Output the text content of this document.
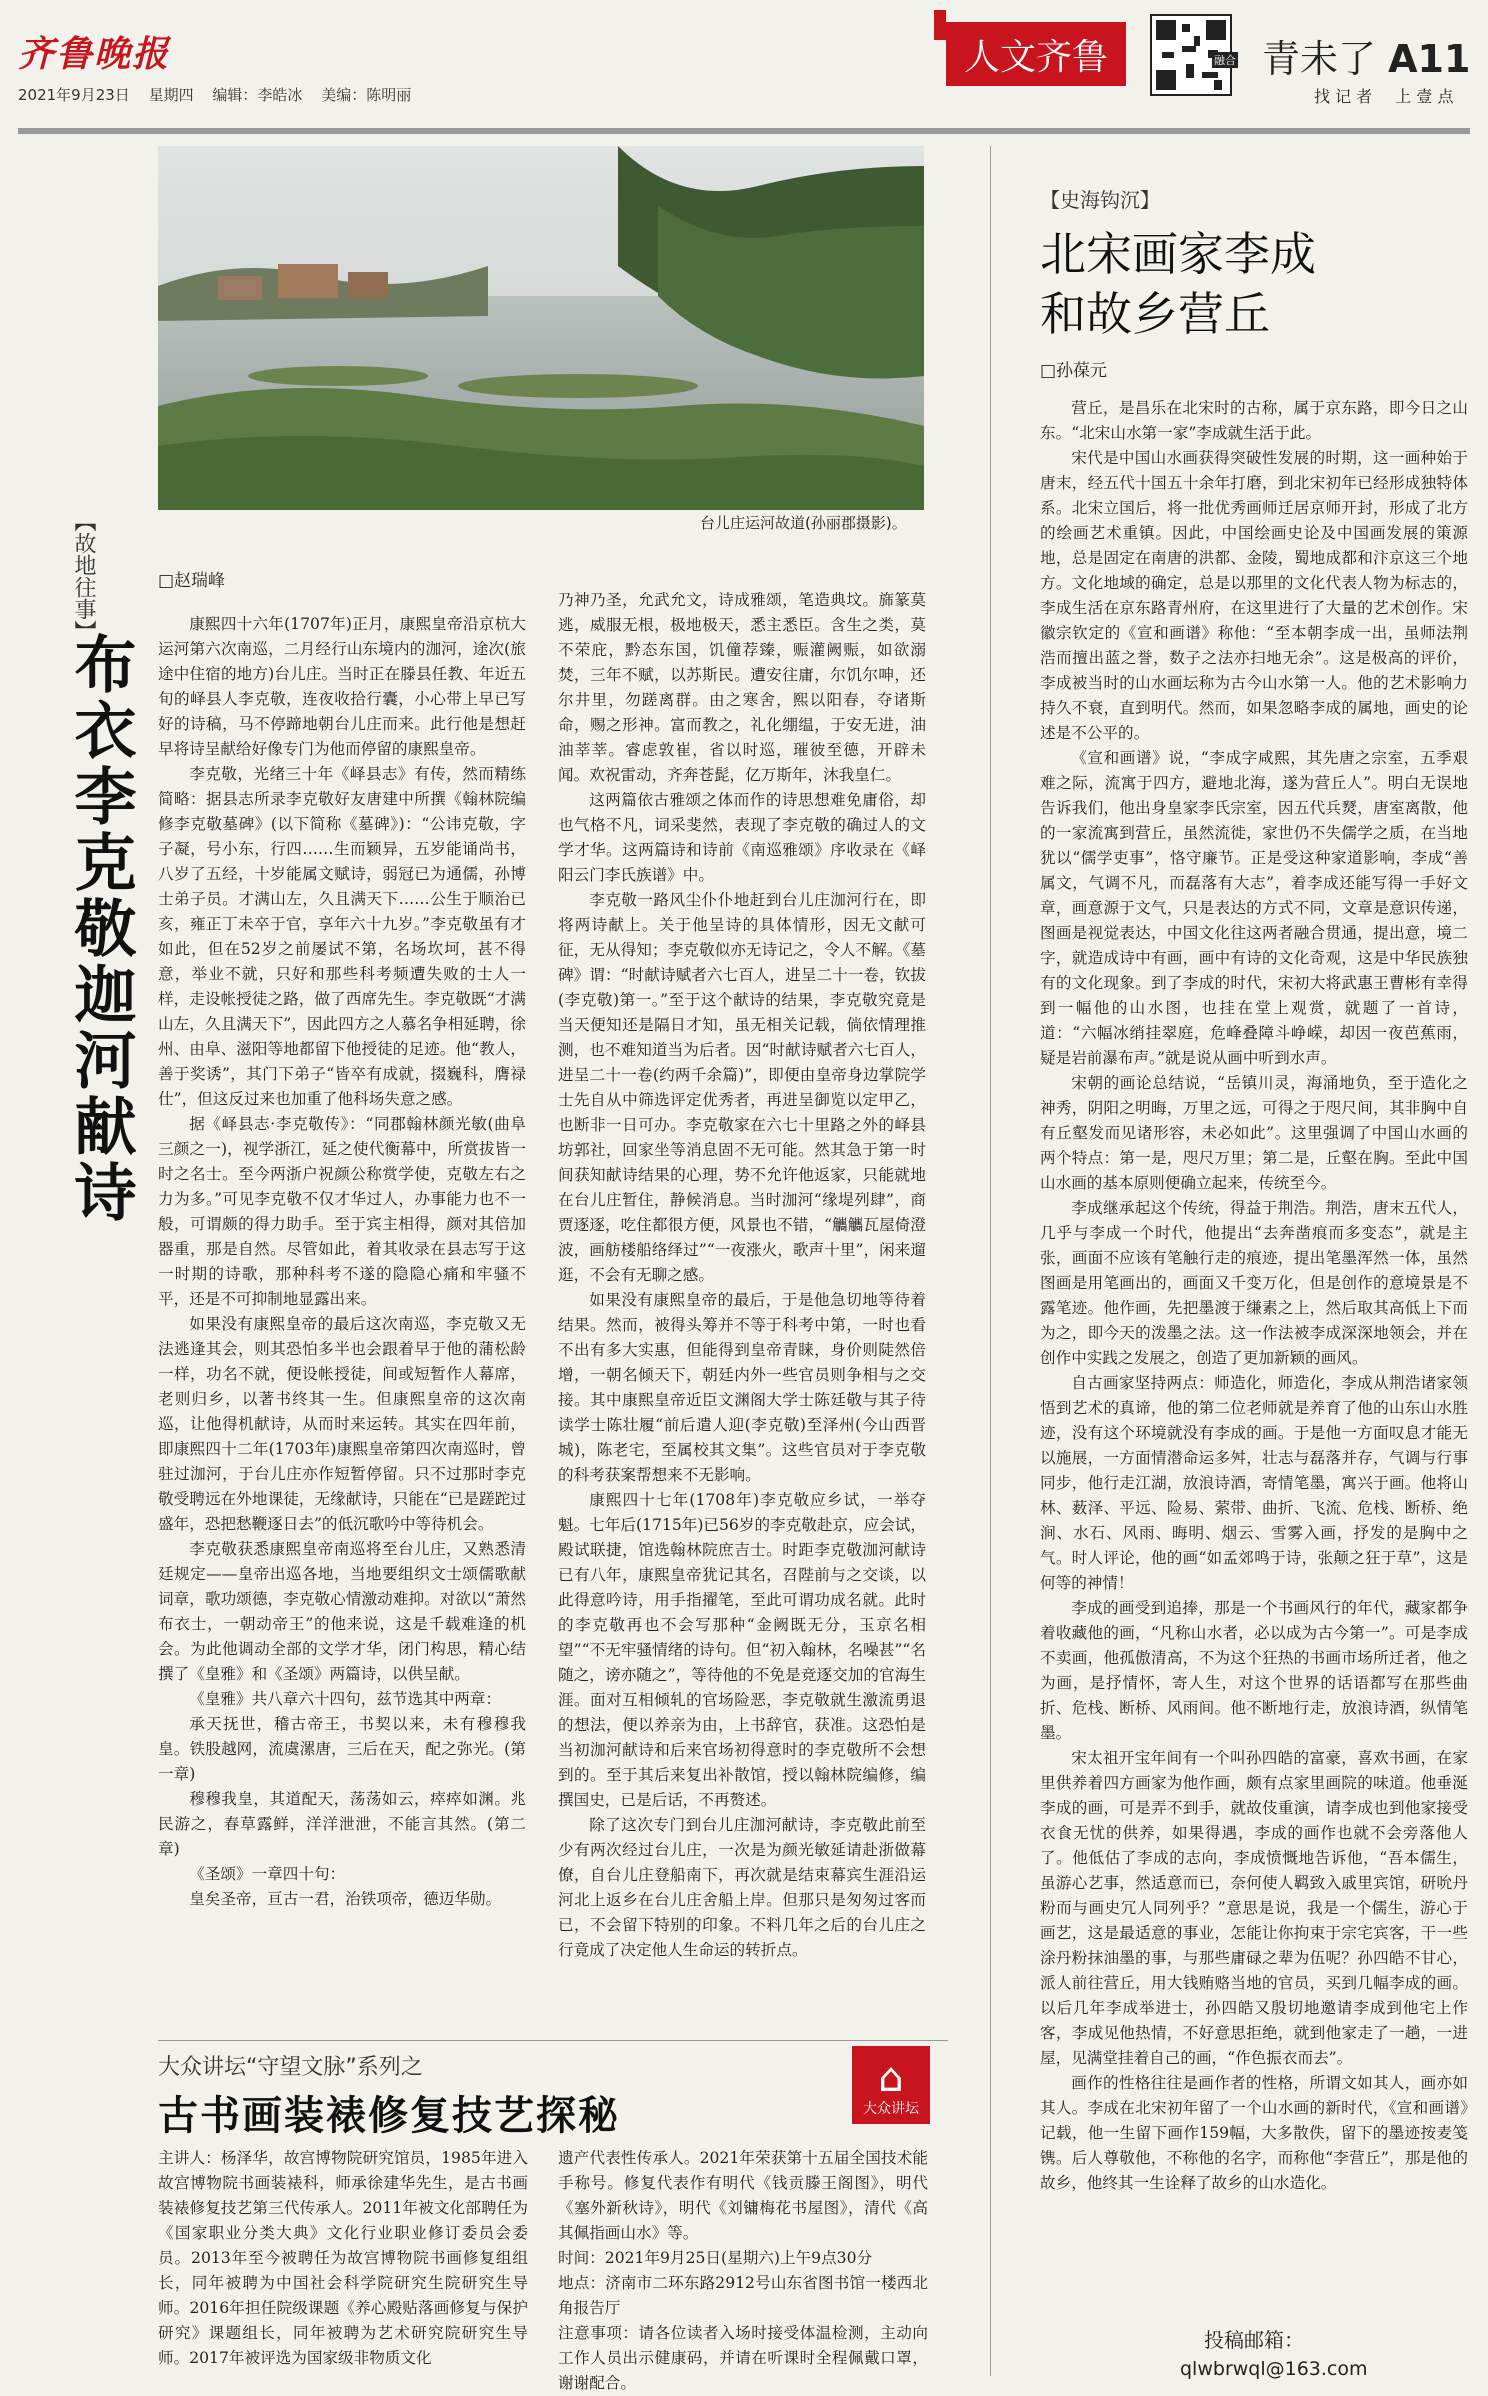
齐鲁晚报
2021年9月23日 星期四 编辑：李皓冰 美编：陈明丽
人文齐鲁	融合 青未了 A11
找 记 者 上 壹 点
台儿庄运河故道(孙丽郡摄影)。
【故地往事】
布衣李克敬迦河献诗
□赵瑞峰

康熙四十六年(1707年)正月，康熙皇帝沿京杭大运河第六次南巡，二月经行山东境内的泇河，途次(旅途中住宿的地方)台儿庄。当时正在滕县任教、年近五旬的峄县人李克敬，连夜收拾行囊，小心带上早已写好的诗稿，马不停蹄地朝台儿庄而来。此行他是想赶早将诗呈献给好像专门为他而停留的康熙皇帝。

李克敬，光绪三十年《峄县志》有传，然而精练简略：据县志所录李克敬好友唐建中所撰《翰林院编修李克敬墓碑》(以下简称《墓碑》)：“公讳克敬，字子凝，号小东，行四……生而颖异，五岁能诵尚书，八岁了五经，十岁能属文赋诗，弱冠已为通儒，孙博士弟子员。才满山左，久且满天下……公生于顺治已亥，雍正丁未卒于官，享年六十九岁。”李克敬虽有才如此，但在52岁之前屡试不第，名场坎坷，甚不得意，举业不就，只好和那些科考频遭失败的士人一样，走设帐授徒之路，做了西席先生。李克敬既“才满山左，久且满天下”，因此四方之人慕名争相延聘，徐州、由阜、滋阳等地都留下他授徒的足迹。他“教人，善于奖诱”，其门下弟子“皆卒有成就，掇巍科，膺禄仕”，但这反过来也加重了他科场失意之感。

据《峄县志·李克敬传》：“同郡翰林颜光敏(曲阜三颜之一)，视学浙江，延之使代衡幕中，所赏拔皆一时之名士。至今两浙户祝颜公称赏学使，克敬左右之力为多。”可见李克敬不仅才华过人，办事能力也不一般，可谓颇的得力助手。至于宾主相得，颜对其倍加器重，那是自然。尽管如此，着其收录在县志写于这一时期的诗歌，那种科考不遂的隐隐心痛和牢骚不平，还是不可抑制地显露出来。

如果没有康熙皇帝的最后这次南巡，李克敬又无法逃逢其会，则其恐怕多半也会跟着早于他的蒲松龄一样，功名不就，便设帐授徒，间或短暂作人幕席，老则归乡，以著书终其一生。但康熙皇帝的这次南巡，让他得机献诗，从而时来运转。其实在四年前，即康熙四十二年(1703年)康熙皇帝第四次南巡时，曾驻过泇河，于台儿庄亦作短暂停留。只不过那时李克敬受聘远在外地课徒，无缘献诗，只能在“已是蹉跎过盛年，恐把愁鞭逐日去”的低沉歌吟中等待机会。

李克敬获悉康熙皇帝南巡将至台儿庄，又熟悉清廷规定——皇帝出巡各地，当地要组织文士颂儒歌献词章，歌功颂德，李克敬心情激动难抑。对欲以“萧然布衣士，一朝动帝王”的他来说，这是千载难逢的机会。为此他调动全部的文学才华，闭门构思，精心结撰了《皇雅》和《圣颂》两篇诗，以供呈献。

《皇雅》共八章六十四句，兹节选其中两章：

承天抚世，稽古帝王，书契以来，未有穆穆我皇。铁股越网，流虞漯唐，三后在天，配之弥光。(第一章)

穆穆我皇，其道配天，荡荡如云，瘁瘁如渊。兆民游之，春草露鲜，洋洋泄泄，不能言其然。(第二章)

《圣颂》一章四十句：

皇矣圣帝，亘古一君，治铁项帝，德迈华勋。

乃神乃圣，允武允文，诗成雅颂，笔造典坟。旆篆莫逃，威服无根，极地极天，悉主悉臣。含生之类，莫不荣庇，黔态东国，饥僮荐臻，赈灌阙赈，如欲溺焚，三年不赋，以苏斯民。遭安往庸，尔饥尔呻，还尔井里，勿蹉离群。由之寒舍，熙以阳春，夺诸斯命，赐之形神。富而教之，礼化绷缊，于安无进，油油莘莘。睿虑敦崔，省以时巡，璀彼至德，开辟未闻。欢祝雷动，齐奔苍髭，亿万斯年，沐我皇仁。

这两篇依古雅颂之体而作的诗思想难免庸俗，却也气格不凡，词采斐然，表现了李克敬的确过人的文学才华。这两篇诗和诗前《南巡雅颂》序收录在《峄阳云门李氏族谱》中。

李克敬一路风尘仆仆地赶到台儿庄泇河行在，即将两诗献上。关于他呈诗的具体情形，因无文献可征，无从得知；李克敬似亦无诗记之，令人不解。《墓碑》谓：“时献诗赋者六七百人，进呈二十一卷，钦拔(李克敬)第一。”至于这个献诗的结果，李克敬究竟是当天便知还是隔日才知，虽无相关记载，倘依情理推测，也不难知道当为后者。因“时献诗赋者六七百人，进呈二十一卷(约两千余篇)”，即便由皇帝身边掌院学士先自从中筛选评定优秀者，再进呈御览以定甲乙，也断非一日可办。李克敬家在六七十里路之外的峄县坊郭社，回家坐等消息固不无可能。然其急于第一时间获知献诗结果的心理，势不允许他返家，只能就地在台儿庄暂住，静候消息。当时泇河“缘堤列肆”，商贾逐逐，吃住都很方便，风景也不错，“觿觿瓦屋倚澄波，画舫楼船络绎过”“一夜涨火，歌声十里”，闲来遛逛，不会有无聊之感。

如果没有康熙皇帝的最后，于是他急切地等待着结果。然而，被得头筹并不等于科考中第，一时也看不出有多大实惠，但能得到皇帝青睐，身价则陡然倍增，一朝名倾天下，朝廷内外一些官员则争相与之交接。其中康熙皇帝近臣文渊阁大学士陈廷敬与其子待读学士陈壮履“前后遣人迎(李克敬)至泽州(今山西晋城)，陈老宅，至属校其文集”。这些官员对于李克敬的科考获案帮想来不无影响。

康熙四十七年(1708年)李克敬应乡试，一举夺魁。七年后(1715年)已56岁的李克敬赴京，应会试，殿试联捷，馆选翰林院庶吉士。时距李克敬泇河献诗已有八年，康熙皇帝犹记其名，召陛前与之交谈，以此得意吟诗，用手指擢笔，至此可谓功成名就。此时的李克敬再也不会写那种“金阙既无分，玉京名相望”“不无牢骚情绪的诗句。但“初入翰林，名噪甚”“名随之，谤亦随之”，等待他的不免是竞逐交加的官海生涯。面对互相倾轧的官场险恶，李克敬就生激流勇退的想法，便以养亲为由，上书辞官，获准。这恐怕是当初泇河献诗和后来官场初得意时的李克敬所不会想到的。至于其后来复出补散馆，授以翰林院编修，编撰国史，已是后话，不再赘述。

除了这次专门到台儿庄泇河献诗，李克敬此前至少有两次经过台儿庄，一次是为颜光敏延请赴浙做幕僚，自台儿庄登船南下，再次就是结束幕宾生涯沿运河北上返乡在台儿庄舍船上岸。但那只是匆匆过客而已，不会留下特别的印象。不料几年之后的台儿庄之行竟成了决定他人生命运的转折点。

【史海钩沉】
北宋画家李成
和故乡营丘
□孙葆元

营丘，是昌乐在北宋时的古称，属于京东路，即今日之山东。“北宋山水第一家”李成就生活于此。

宋代是中国山水画获得突破性发展的时期，这一画种始于唐末，经五代十国五十余年打磨，到北宋初年已经形成独特体系。北宋立国后，将一批优秀画师迁居京师开封，形成了北方的绘画艺术重镇。因此，中国绘画史论及中国画发展的策源地，总是固定在南唐的洪都、金陵，蜀地成都和汴京这三个地方。文化地域的确定，总是以那里的文化代表人物为标志的，李成生活在京东路青州府，在这里进行了大量的艺术创作。宋徽宗钦定的《宣和画谱》称他：“至本朝李成一出，虽师法荆浩而擅出蓝之誉，数子之法亦扫地无余”。这是极高的评价，李成被当时的山水画坛称为古今山水第一人。他的艺术影响力持久不衰，直到明代。然而，如果忽略李成的属地，画史的论述是不公平的。

《宣和画谱》说，“李成字咸熙，其先唐之宗室，五季艰难之际，流寓于四方，避地北海，遂为营丘人”。明白无误地告诉我们，他出身皇家李氏宗室，因五代兵燹，唐室离散，他的一家流寓到营丘，虽然流徙，家世仍不失儒学之质，在当地犹以“儒学吏事”，恪守廉节。正是受这种家道影响，李成“善属文，气调不凡，而磊落有大志”，着李成还能写得一手好文章，画意源于文气，只是表达的方式不同，文章是意识传递，图画是视觉表达，中国文化往这两者融合贯通，提出意，境二字，就造成诗中有画，画中有诗的文化奇观，这是中华民族独有的文化现象。到了李成的时代，宋初大将武惠王曹彬有幸得到一幅他的山水图，也挂在堂上观赏，就题了一首诗，道：“六幅冰绡挂翠庭，危峰叠障斗峥嵘，却因一夜芭蕉雨，疑是岩前瀑布声。”就是说从画中听到水声。

宋朝的画论总结说，“岳镇川灵，海涌地负，至于造化之神秀，阴阳之明晦，万里之远，可得之于咫尺间，其非胸中自有丘壑发而见诸形容，未必如此”。这里强调了中国山水画的两个特点：第一是，咫尺万里；第二是，丘壑在胸。至此中国山水画的基本原则便确立起来，传统至今。

李成继承起这个传统，得益于荆浩。荆浩，唐末五代人，几乎与李成一个时代，他提出“去奔凿痕而多变态”，就是主张，画面不应该有笔触行走的痕迹，提出笔墨浑然一体，虽然图画是用笔画出的，画面又千变万化，但是创作的意境景是不露笔迹。他作画，先把墨渡于缣素之上，然后取其高低上下而为之，即今天的泼墨之法。这一作法被李成深深地领会，并在创作中实践之发展之，创造了更加新颖的画风。

自古画家坚持两点：师造化，师造化，李成从荆浩诸家领悟到艺术的真谛，他的第二位老师就是养育了他的山东山水胜迹，没有这个环境就没有李成的画。于是他一方面叹息才能无以施展，一方面情潜命运多舛，壮志与磊落并存，气调与行事同步，他行走江湖，放浪诗酒，寄情笔墨，寓兴于画。他将山林、薮泽、平远、险易、萦带、曲折、飞流、危栈、断桥、绝涧、水石、风雨、晦明、烟云、雪雾入画，抒发的是胸中之气。时人评论，他的画“如孟郊鸣于诗，张颠之狂于草”，这是何等的神情！

李成的画受到追捧，那是一个书画风行的年代，藏家都争着收藏他的画，“凡称山水者，必以成为古今第一”。可是李成不卖画，他孤傲清高，不为这个狂热的书画市场所迁者，他之为画，是抒情怀，寄人生，对这个世界的话语都写在那些曲折、危栈、断桥、风雨间。他不断地行走，放浪诗酒，纵情笔墨。

宋太祖开宝年间有一个叫孙四皓的富豪，喜欢书画，在家里供养着四方画家为他作画，颇有点家里画院的味道。他垂涎李成的画，可是弄不到手，就故伎重演，请李成也到他家接受衣食无忧的供养，如果得遇，李成的画作也就不会旁落他人了。他低估了李成的志向，李成愤慨地告诉他，“吾本儒生，虽游心艺事，然适意而已，奈何使人羁致入戚里宾馆，研吮丹粉而与画史冗人同列乎？”意思是说，我是一个儒生，游心于画艺，这是最适意的事业，怎能让你拘束于宗宅宾客，干一些涂丹粉抹油墨的事，与那些庸碌之辈为伍呢？孙四皓不甘心，派人前往营丘，用大钱贿赂当地的官员，买到几幅李成的画。以后几年李成举进士，孙四皓又殷切地邀请李成到他宅上作客，李成见他热情，不好意思拒绝，就到他家走了一趟，一进屋，见满堂挂着自己的画，“作色振衣而去”。

画作的性格往往是画作者的性格，所谓文如其人，画亦如其人。李成在北宋初年留了一个山水画的新时代，《宣和画谱》记载，他一生留下画作159幅，大多散佚，留下的墨迹按麦笺镌。后人尊敬他，不称他的名字，而称他“李营丘”，那是他的故乡，他终其一生诠释了故乡的山水造化。

投稿邮箱：
qlwbrwql@163.com
大众讲坛“守望文脉”系列之
古书画装裱修复技艺探秘
⌂
大众讲坛

主讲人：杨泽华，故宫博物院研究馆员，1985年进入故宫博物院书画装裱科，师承徐建华先生，是古书画装裱修复技艺第三代传承人。2011年被文化部聘任为《国家职业分类大典》文化行业职业修订委员会委员。2013年至今被聘任为故宫博物院书画修复组组长，同年被聘为中国社会科学院研究生院研究生导师。2016年担任院级课题《养心殿贴落画修复与保护研究》课题组长，同年被聘为艺术研究院研究生导师。2017年被评选为国家级非物质文化

遗产代表性传承人。2021年荣获第十五届全国技术能手称号。修复代表作有明代《钱贡滕王阁图》，明代《塞外新秋诗》，明代《刘镛梅花书屋图》，清代《高其佩指画山水》等。

时间：2021年9月25日(星期六)上午9点30分

地点：济南市二环东路2912号山东省图书馆一楼西北角报告厅

注意事项：请各位读者入场时接受体温检测，主动向工作人员出示健康码，并请在听课时全程佩戴口罩，谢谢配合。
